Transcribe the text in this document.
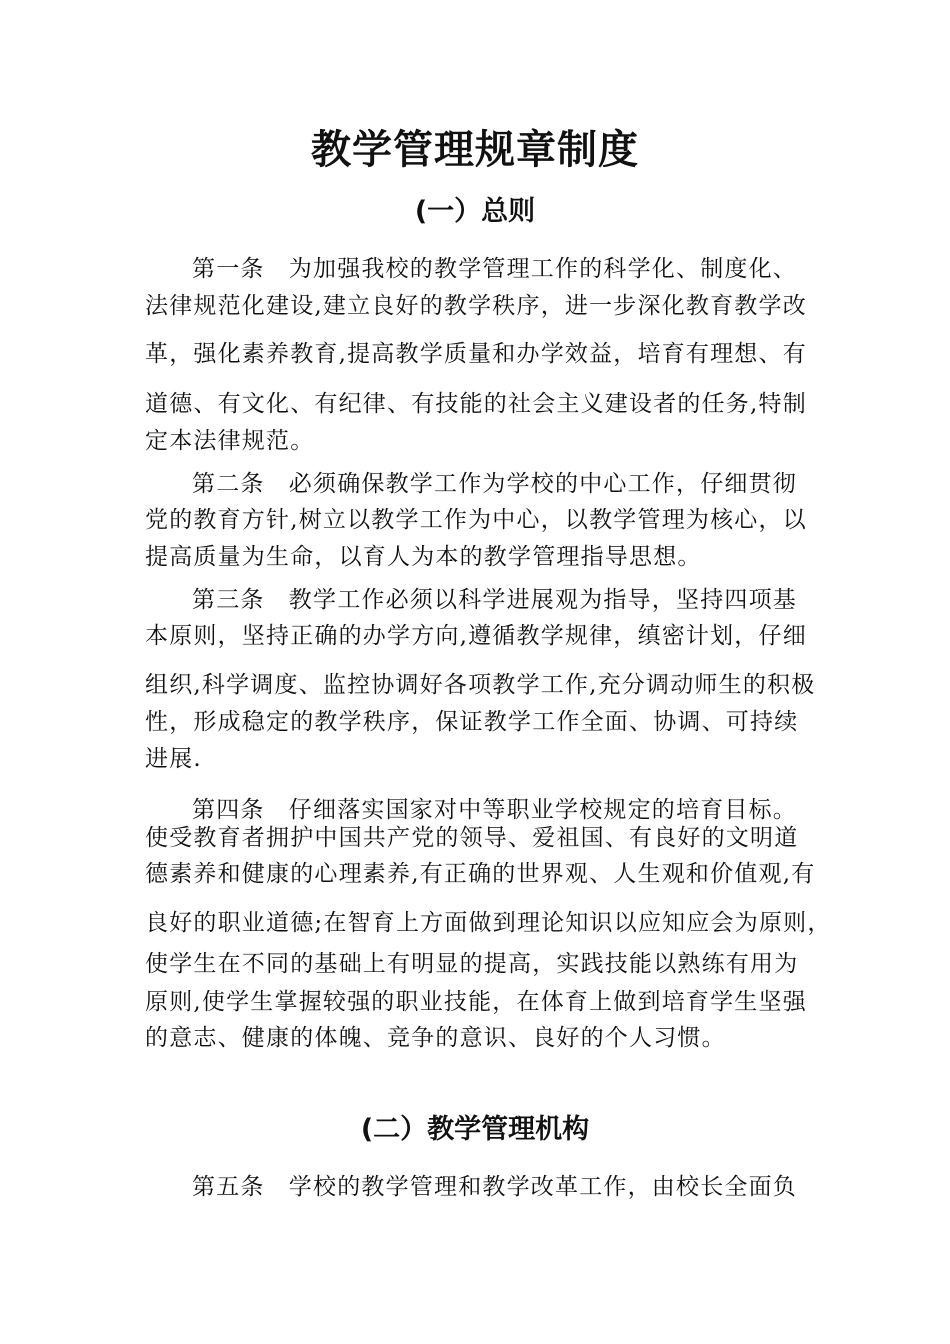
教学管理规章制度
(一）总则
第一条　为加强我校的教学管理工作的科学化、制度化、
法律规范化建设,建立良好的教学秩序，进一步深化教育教学改
革，强化素养教育,提高教学质量和办学效益，培育有理想、有
道德、有文化、有纪律、有技能的社会主义建设者的任务,特制
定本法律规范。
第二条　必须确保教学工作为学校的中心工作，仔细贯彻
党的教育方针,树立以教学工作为中心，以教学管理为核心，以
提高质量为生命，以育人为本的教学管理指导思想。
第三条　教学工作必须以科学进展观为指导，坚持四项基
本原则，坚持正确的办学方向,遵循教学规律，缜密计划，仔细
组织,科学调度、监控协调好各项教学工作,充分调动师生的积极
性，形成稳定的教学秩序，保证教学工作全面、协调、可持续
进展.
第四条　仔细落实国家对中等职业学校规定的培育目标。
使受教育者拥护中国共产党的领导、爱祖国、有良好的文明道
德素养和健康的心理素养,有正确的世界观、人生观和价值观,有
良好的职业道德;在智育上方面做到理论知识以应知应会为原则，
使学生在不同的基础上有明显的提高，实践技能以熟练有用为
原则,使学生掌握较强的职业技能，在体育上做到培育学生坚强
的意志、健康的体魄、竞争的意识、良好的个人习惯。
(二）教学管理机构
第五条　学校的教学管理和教学改革工作，由校长全面负
